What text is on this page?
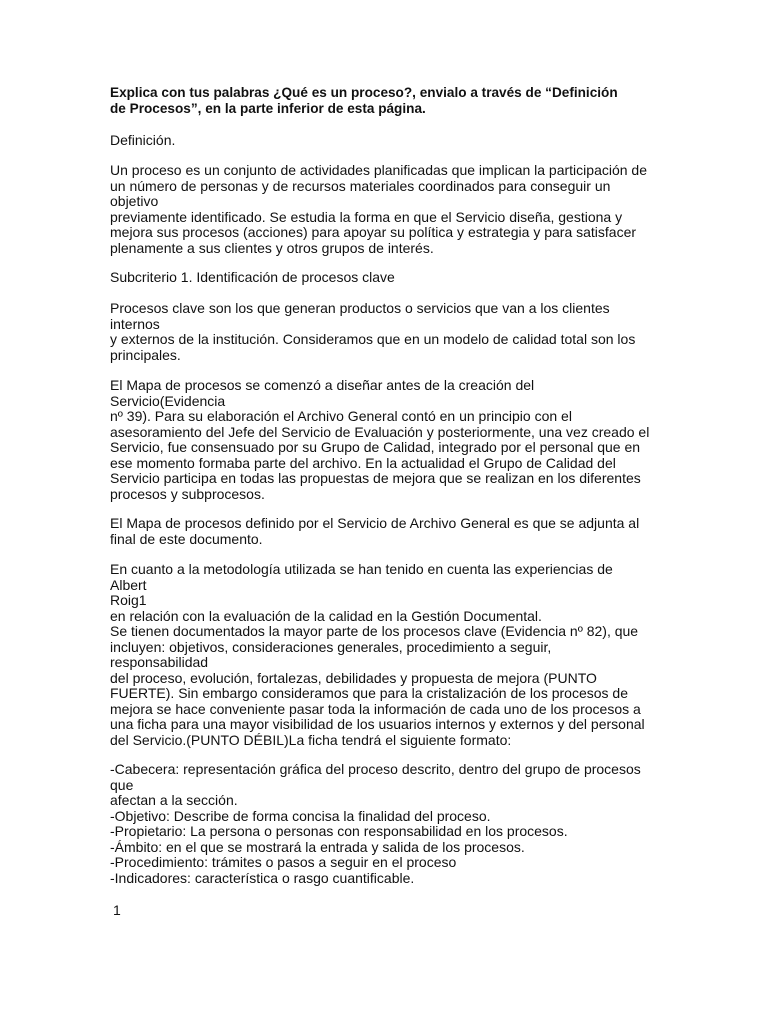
Explica con tus palabras ¿Qué es un proceso?, envialo a través de “Definición
de Procesos”, en la parte inferior de esta página.
Definición.
Un proceso es un conjunto de actividades planificadas que implican la participación de
un número de personas y de recursos materiales coordinados para conseguir un
objetivo
previamente identificado. Se estudia la forma en que el Servicio diseña, gestiona y
mejora sus procesos (acciones) para apoyar su política y estrategia y para satisfacer
plenamente a sus clientes y otros grupos de interés.
Subcriterio 1. Identificación de procesos clave
Procesos clave son los que generan productos o servicios que van a los clientes
internos
y externos de la institución. Consideramos que en un modelo de calidad total son los
principales.
El Mapa de procesos se comenzó a diseñar antes de la creación del
Servicio(Evidencia
nº 39). Para su elaboración el Archivo General contó en un principio con el
asesoramiento del Jefe del Servicio de Evaluación y posteriormente, una vez creado el
Servicio, fue consensuado por su Grupo de Calidad, integrado por el personal que en
ese momento formaba parte del archivo. En la actualidad el Grupo de Calidad del
Servicio participa en todas las propuestas de mejora que se realizan en los diferentes
procesos y subprocesos.
El Mapa de procesos definido por el Servicio de Archivo General es que se adjunta al
final de este documento.
En cuanto a la metodología utilizada se han tenido en cuenta las experiencias de
Albert
Roig1
en relación con la evaluación de la calidad en la Gestión Documental.
Se tienen documentados la mayor parte de los procesos clave (Evidencia nº 82), que
incluyen: objetivos, consideraciones generales, procedimiento a seguir,
responsabilidad
del proceso, evolución, fortalezas, debilidades y propuesta de mejora (PUNTO
FUERTE). Sin embargo consideramos que para la cristalización de los procesos de
mejora se hace conveniente pasar toda la información de cada uno de los procesos a
una ficha para una mayor visibilidad de los usuarios internos y externos y del personal
del Servicio.(PUNTO DÉBIL)La ficha tendrá el siguiente formato:
-Cabecera: representación gráfica del proceso descrito, dentro del grupo de procesos
que
afectan a la sección.
-Objetivo: Describe de forma concisa la finalidad del proceso.
-Propietario: La persona o personas con responsabilidad en los procesos.
-Ámbito: en el que se mostrará la entrada y salida de los procesos.
-Procedimiento: trámites o pasos a seguir en el proceso
-Indicadores: característica o rasgo cuantificable.
1
